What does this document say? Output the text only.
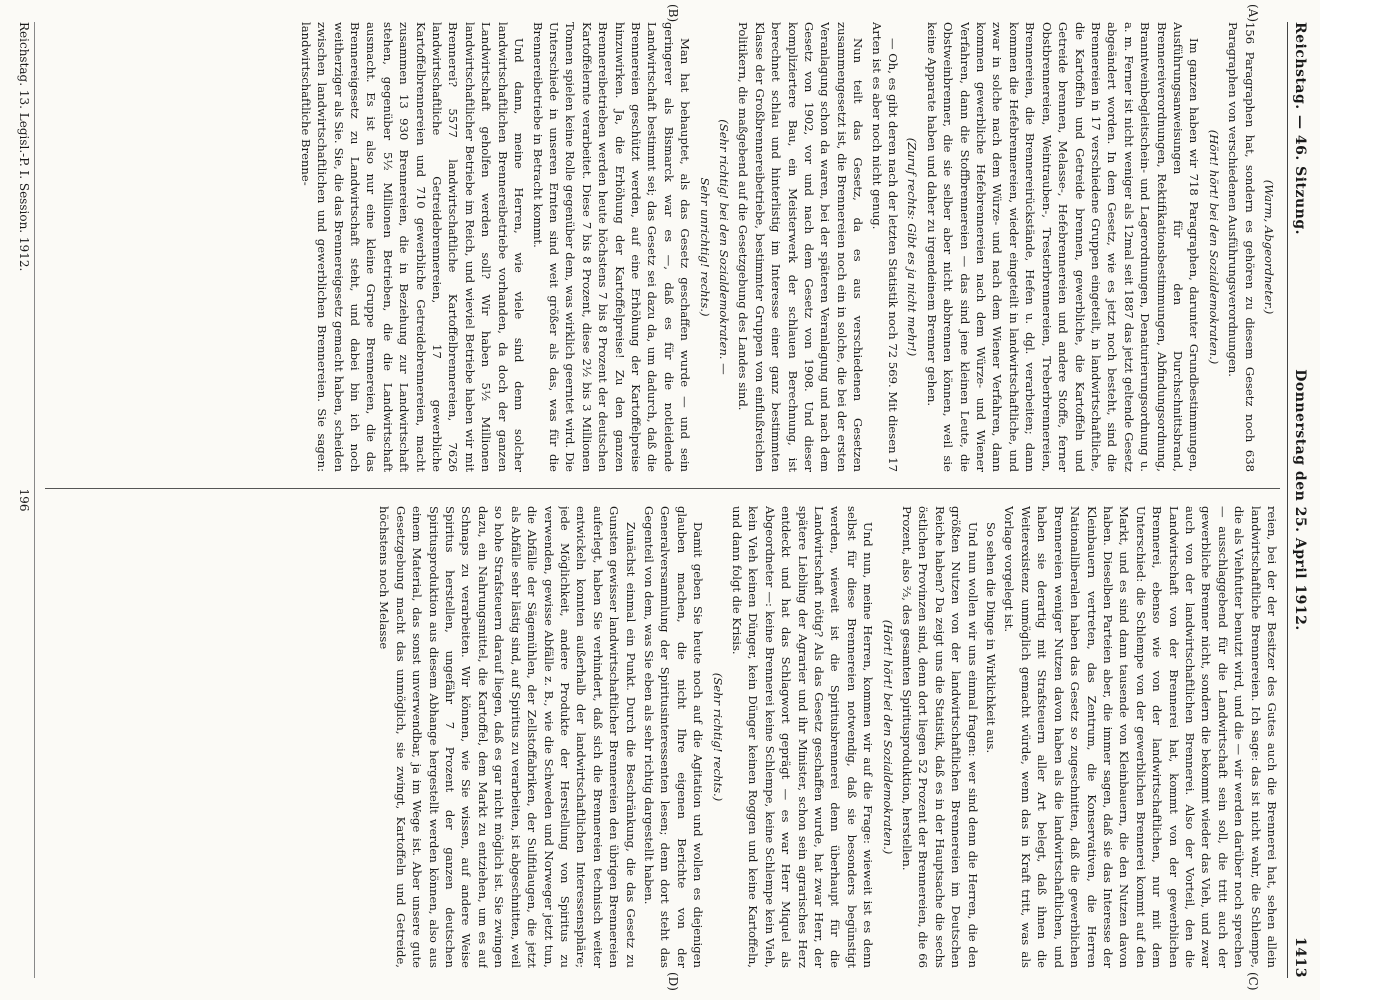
Reichstag. — 46. Sitzung.
Donnerstag den 25. April 1912.
1413
(A)
(B)
(C)
(D)

(Warm, Abgeordneter.)

156 Paragraphen hat, sondern es gehören zu diesem Gesetz noch 638 Paragraphen von verschiedenen Ausführungsverordnungen.

(Hört! hört! bei den Sozialdemokraten.)

Im ganzen haben wir 718 Paragraphen, darunter Grundbestimmungen, Ausführungsanweisungen für den Durchschnittsbrand, Brennereiverordnungen, Rektifikationsbestimmungen, Abfindungsordnung, Branntweinbegleitschein- und Lagerordnungen, Denaturierungsordnung u. a. m. Ferner ist nicht weniger als 12mal seit 1887 das jetzt geltende Gesetz abgeändert worden. In dem Gesetz, wie es jetzt noch besteht, sind die Brennereien in 17 verschiedene Gruppen eingeteilt, in landwirtschaftliche, die Kartoffeln und Getreide brennen, gewerbliche, die Kartoffeln und Getreide brennen, Melasse-, Hefebrennereien und andere Stoffe, ferner Obstbrennereien, Weintrauben-, Tresterbrennereien, Treberbrennereien, Brennereien, die Brennereirückstände, Hefen u. dgl. verarbeiten; dann kommen die Hefebrennereien, wieder eingeteilt in landwirtschaftliche, und zwar in solche nach dem Würze- und nach dem Wiener Verfahren, dann kommen gewerbliche Hefebrennereien nach dem Würze- und Wiener Verfahren, dann die Stoffbrennereien — das sind jene kleinen Leute, die Obstweinbrenner, die sie selber aber nicht abbrennen können, weil sie keine Apparate haben und daher zu irgendeinem Brenner gehen.

(Zuruf rechts: Gibt es ja nicht mehr!)

— Oh, es gibt deren nach der letzten Statistik noch 72 569. Mit diesen 17 Arten ist es aber noch nicht genug.

Nun teilt das Gesetz, da es aus verschiedenen Gesetzen zusammengesetzt ist, die Brennereien noch ein in solche, die bei der ersten Veranlagung schon da waren, bei der späteren Veranlagung und nach dem Gesetz von 1902, vor und nach dem Gesetz von 1908. Und dieser kompliziertere Bau, ein Meisterwerk der schlauen Berechnung, ist berechnet schlau und hinterlistig im Interesse einer ganz bestimmten Klasse der Großbrennereibetriebe, bestimmter Gruppen von einflußreichen Politikern, die maßgebend auf die Gesetzgebung des Landes sind.

(Sehr richtig! bei den Sozialdemokraten. —

Sehr unrichtig! rechts.)

Man hat behauptet, als das Gesetz geschaffen wurde — und sein geringerer als Bismarck war es —, daß es für die notleidende Landwirtschaft bestimmt sei; das Gesetz sei dazu da, um dadurch, daß die Brennereien geschützt werden, auf eine Erhöhung der Kartoffelpreise hinzuwirken. Ja, die Erhöhung der Kartoffelpreise! Zu den ganzen Brennereibetrieben werden heute höchstens 7 bis 8 Prozent der deutschen Kartoffelernte verarbeitet. Diese 7 bis 8 Prozent, diese 2½ bis 3 Millionen Tonnen spielen keine Rolle gegenüber dem, was wirklich geerntet wird. Die Unterschiede in unseren Ernten sind weit größer als das, was für die Brennereibetriebe in Betracht kommt.

Und dann, meine Herren, wie viele sind denn solcher landwirtschaftlichen Brennereibetriebe vorhanden, da doch der ganzen Landwirtschaft geholfen werden soll? Wir haben 5½ Millionen landwirtschaftlicher Betriebe im Reich, und wieviel Betriebe haben wir mit Brennerei? 5577 landwirtschaftliche Kartoffelbrennereien, 7626 landwirtschaftliche Getreidebrennereien, 17 gewerbliche Kartoffelbrennereien und 710 gewerbliche Getreidebrennereien, macht zusammen 13 930 Brennereien, die in Beziehung zur Landwirtschaft stehen, gegenüber 5½ Millionen Betrieben, die die Landwirtschaft ausmacht. Es ist also nur eine kleine Gruppe Brennereien, die das Brennereigesetz zu Landwirtschaft steht, und dabei bin ich noch weitherziger als Sie. Sie, die das Brennereigesetz gemacht haben, scheiden zwischen landwirtschaftlichen und gewerblichen Brennereien. Sie sagen: landwirtschaftliche Brenne-

reien, bei der der Besitzer des Gutes auch die Brennerei hat, sehen allein landwirtschaftliche Brennereien. Ich sage: das ist nicht wahr, die Schlempe, die als Viehfutter benutzt wird, und die — wir werden darüber noch sprechen — ausschlaggebend für die Landwirtschaft sein soll, die tritt auch der gewerbliche Brenner nicht, sondern die bekommt wieder das Vieh, und zwar auch von der landwirtschaftlichen Brennerei. Also der Vorteil, den die Landwirtschaft von der Brennerei hat, kommt von der gewerblichen Brennerei, ebenso wie von der landwirtschaftlichen, nur mit dem Unterschied: die Schlempe von der gewerblichen Brennerei kommt auf den Markt, und es sind dann tausende von Kleinbauern, die den Nutzen davon haben. Dieselben Parteien aber, die immer sagen, daß sie das Interesse der Kleinbauern vertreten, das Zentrum, die Konservativen, die Herren Nationalliberalen haben das Gesetz so zugeschnitten, daß die gewerblichen Brennereien weniger Nutzen davon haben als die landwirtschaftlichen, und haben sie derartig mit Strafsteuern aller Art belegt, daß ihnen die Weiterexistenz unmöglich gemacht würde, wenn das in Kraft tritt, was als Vorlage vorgelegt ist.

So sehen die Dinge in Wirklichkeit aus.

Und nun wollen wir uns einmal fragen: wer sind denn die Herren, die den größten Nutzen von der landwirtschaftlichen Brennereien im Deutschen Reiche haben? Da zeigt uns die Statistik, daß es in der Hauptsache die sechs östlichen Provinzen sind, denn dort liegen 52 Prozent der Brennereien, die 66 Prozent, also ⅔, des gesamten Spiritusproduktion, herstellen.

(Hört! hört! bei den Sozialdemokraten.)

Und nun, meine Herren, kommen wir auf die Frage: wieweit ist es denn selbst für diese Brennereien notwendig, daß sie besonders begünstigt werden, wieweit ist die Spiritusbrennerei denn überhaupt für die Landwirtschaft nötig? Als das Gesetz geschaffen wurde, hat zwar Herr, der spätere Liebling der Agrarier und ihr Minister, schon sein agrarisches Herz entdeckt und hat das Schlagwort geprägt — es war Herr Miquel als Abgeordneter —: keine Brennerei keine Schlempe, keine Schlempe kein Vieh, kein Vieh keinen Dünger, kein Dünger keinen Roggen und keine Kartoffeln, und dann folgt die Krisis.

(Sehr richtig! rechts.)

Damit geben Sie heute noch auf die Agitation und wollen es diejenigen glauben machen, die nicht Ihre eigenen Berichte von der Generalversammlung der Spiritusinteressenten lesen; denn dort steht das Gegenteil von dem, was Sie eben als sehr richtig dargestellt haben.

Zunächst einmal ein Punkt. Durch die Beschränkung, die das Gesetz zu Gunsten gewisser landwirtschaftlicher Brennereien den übrigen Brennereien auferlegt, haben Sie verhindert, daß sich die Brennereien technisch weiter entwickeln konnten außerhalb der landwirtschaftlichen Interessensphäre; jede Möglichkeit, andere Produkte der Herstellung von Spiritus zu verwenden, gewisse Abfälle z. B., wie die Schweden und Norweger jetzt tun, die Abfälle der Sägemühlen, der Zellstoffabriken, der Sulfitlaugen, die jetzt als Abfälle sehr lästig sind, auf Spiritus zu verarbeiten, ist abgeschnitten, weil so hohe Strafsteuern darauf liegen, daß es gar nicht möglich ist. Sie zwingen dazu, ein Nahrungsmittel, die Kartoffel, dem Markt zu entziehen, um es auf Schnaps zu verarbeiten. Wir können, wie Sie wissen, auf andere Weise Spiritus herstellen, ungefähr 7 Prozent der ganzen deutschen Spiritusproduktion aus diesem Abhange hergestellt werden können, also aus einem Material, das sonst unverwendbar, ja im Wege ist. Aber unsere gute Gesetzgebung macht das unmöglich, sie zwingt, Kartoffeln und Getreide, höchstens noch Melasse

Reichstag. 13. Legisl.-P. I. Session. 1912.
196
